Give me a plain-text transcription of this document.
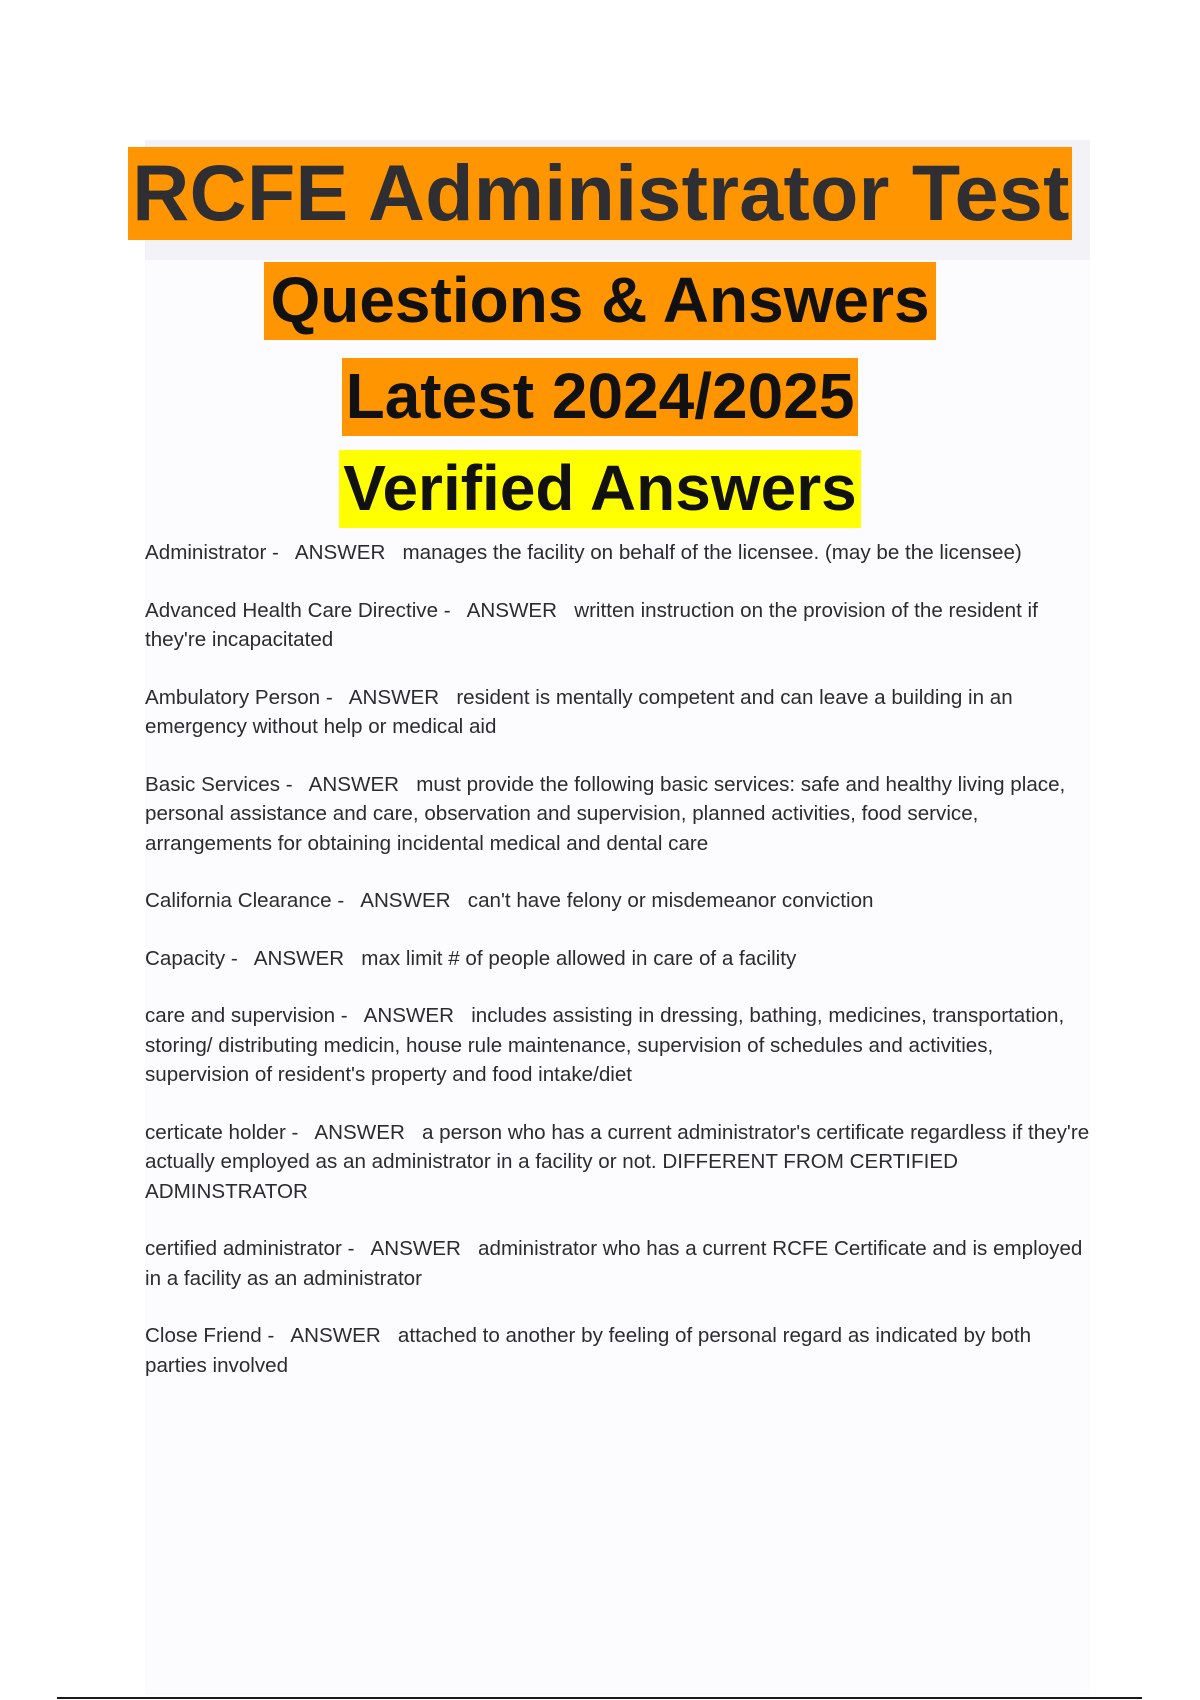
RCFE Administrator Test
Questions & Answers
Latest 2024/2025
Verified Answers
Administrator -   ANSWER manages the facility on behalf of the licensee. (may be the licensee)
Advanced Health Care Directive -   ANSWER written instruction on the provision of the resident if they're incapacitated
Ambulatory Person -   ANSWER resident is mentally competent and can leave a building in an emergency without help or medical aid
Basic Services -   ANSWER must provide the following basic services: safe and healthy living place, personal assistance and care, observation and supervision, planned activities, food service, arrangements for obtaining incidental medical and dental care
California Clearance -   ANSWER can't have felony or misdemeanor conviction
Capacity -   ANSWER max limit # of people allowed in care of a facility
care and supervision -   ANSWER includes assisting in dressing, bathing, medicines, transportation, storing/ distributing medicin, house rule maintenance, supervision of schedules and activities, supervision of resident's property and food intake/diet
certicate holder -   ANSWER a person who has a current administrator's certificate regardless if they're actually employed as an administrator in a facility or not. DIFFERENT FROM CERTIFIED ADMINSTRATOR
certified administrator -   ANSWER administrator who has a current RCFE Certificate and is employed in a facility as an administrator
Close Friend -   ANSWER attached to another by feeling of personal regard as indicated by both parties involved
